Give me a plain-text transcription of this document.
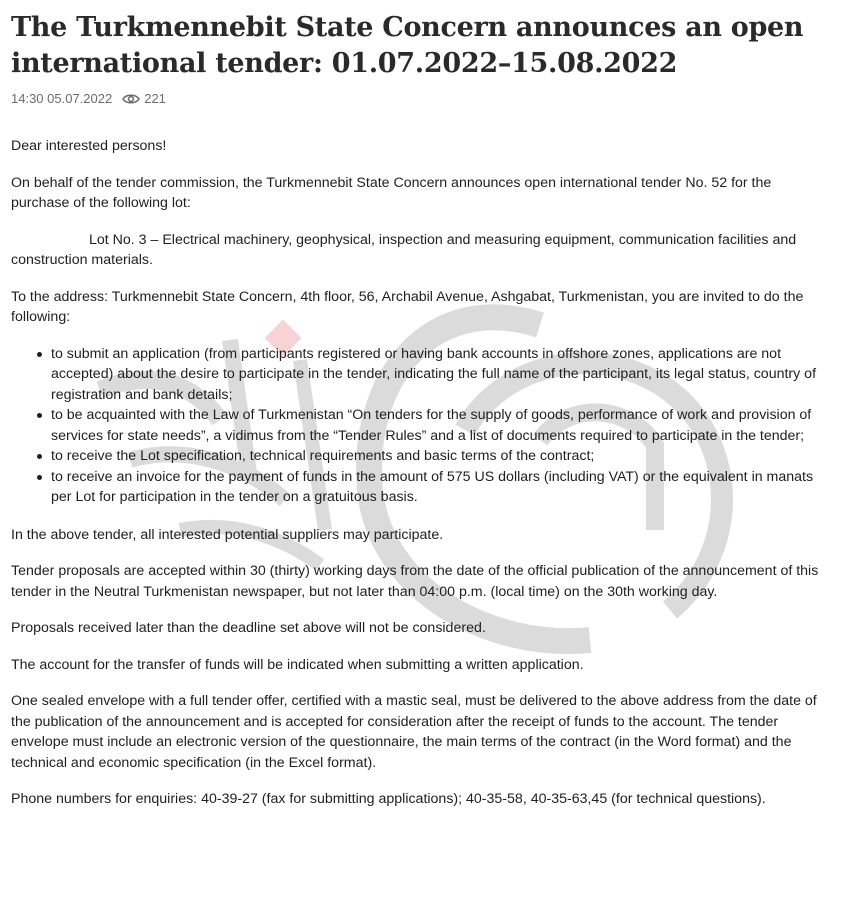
The Turkmennebit State Concern announces an open international tender: 01.07.2022–15.08.2022
14:30 05.07.2022 221

Dear interested persons!

On behalf of the tender commission, the Turkmennebit State Concern announces open international tender No. 52 for the purchase of the following lot:

Lot No. 3 – Electrical machinery, geophysical, inspection and measuring equipment, communication facilities and construction materials.

To the address: Turkmennebit State Concern, 4th floor, 56, Archabil Avenue, Ashgabat, Turkmenistan, you are invited to do the following:

to submit an application (from participants registered or having bank accounts in offshore zones, applications are not accepted) about the desire to participate in the tender, indicating the full name of the participant, its legal status, country of registration and bank details;
to be acquainted with the Law of Turkmenistan “On tenders for the supply of goods, performance of work and provision of services for state needs”, a vidimus from the “Tender Rules” and a list of documents required to participate in the tender;
to receive the Lot specification, technical requirements and basic terms of the contract;
to receive an invoice for the payment of funds in the amount of 575 US dollars (including VAT) or the equivalent in manats per Lot for participation in the tender on a gratuitous basis.

In the above tender, all interested potential suppliers may participate.

Tender proposals are accepted within 30 (thirty) working days from the date of the official publication of the announcement of this tender in the Neutral Turkmenistan newspaper, but not later than 04:00 p.m. (local time) on the 30th working day.

Proposals received later than the deadline set above will not be considered.

The account for the transfer of funds will be indicated when submitting a written application.

One sealed envelope with a full tender offer, certified with a mastic seal, must be delivered to the above address from the date of the publication of the announcement and is accepted for consideration after the receipt of funds to the account. The tender envelope must include an electronic version of the questionnaire, the main terms of the contract (in the Word format) and the technical and economic specification (in the Excel format).

Phone numbers for enquiries: 40-39-27 (fax for submitting applications); 40-35-58, 40-35-63,45 (for technical questions).
